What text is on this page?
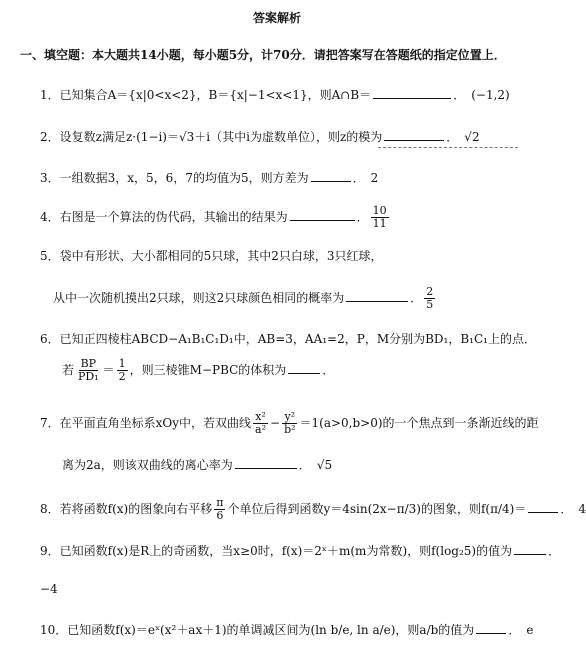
答案解析
一、填空题：本大题共14小题，每小题5分，计70分．请把答案写在答题纸的指定位置上．
1．已知集合A＝{x|0<x<2}，B＝{x|−1<x<1}，则A∩B＝	． (−1,2)
2．设复数z满足z·(1−i)＝√3＋i（其中i为虚数单位），则z的模为	． √2
3．一组数据3，x，5，6，7的均值为5，则方差为	． 2
4．右图是一个算法的伪代码，其输出的结果为	． $\frac{10}{11}$
5．袋中有形状、大小都相同的5只球，其中2只白球，3只红球，
从中一次随机摸出2只球，则这2只球颜色相同的概率为	． $\frac{2}{5}$
6．已知正四棱柱ABCD−A₁B₁C₁D₁中，AB=3，AA₁=2，P，M分别为BD₁，B₁C₁上的点．
若 $\frac{BP}{\text{PD₁}} = \frac{1}{2}$ ，则三棱锥M−PBC的体积为	．
7．在平面直角坐标系xOy中，若双曲线 $\frac{\text{x²}}{\text{a²}} - \frac{\text{y²}}{\text{b²}} =1(a>0,b>0)$的一个焦点到一条渐近线的距
离为2a，则该双曲线的离心率为	． √5
8．若将函数f(x)的图象向右平移 $\frac{\pi}{6}$ 个单位后得到函数y＝4sin(2x−π/3)的图象，则f(π/4)＝	． 4
9．已知函数f(x)是R上的奇函数，当x≥0时，f(x)＝2ˣ＋m(m为常数)，则f(log₂5)的值为	．
−4
10．已知函数f(x)＝eˣ(x²＋ax＋1)的单调减区间为(ln b/e, ln a/e)，则a/b的值为	． e
